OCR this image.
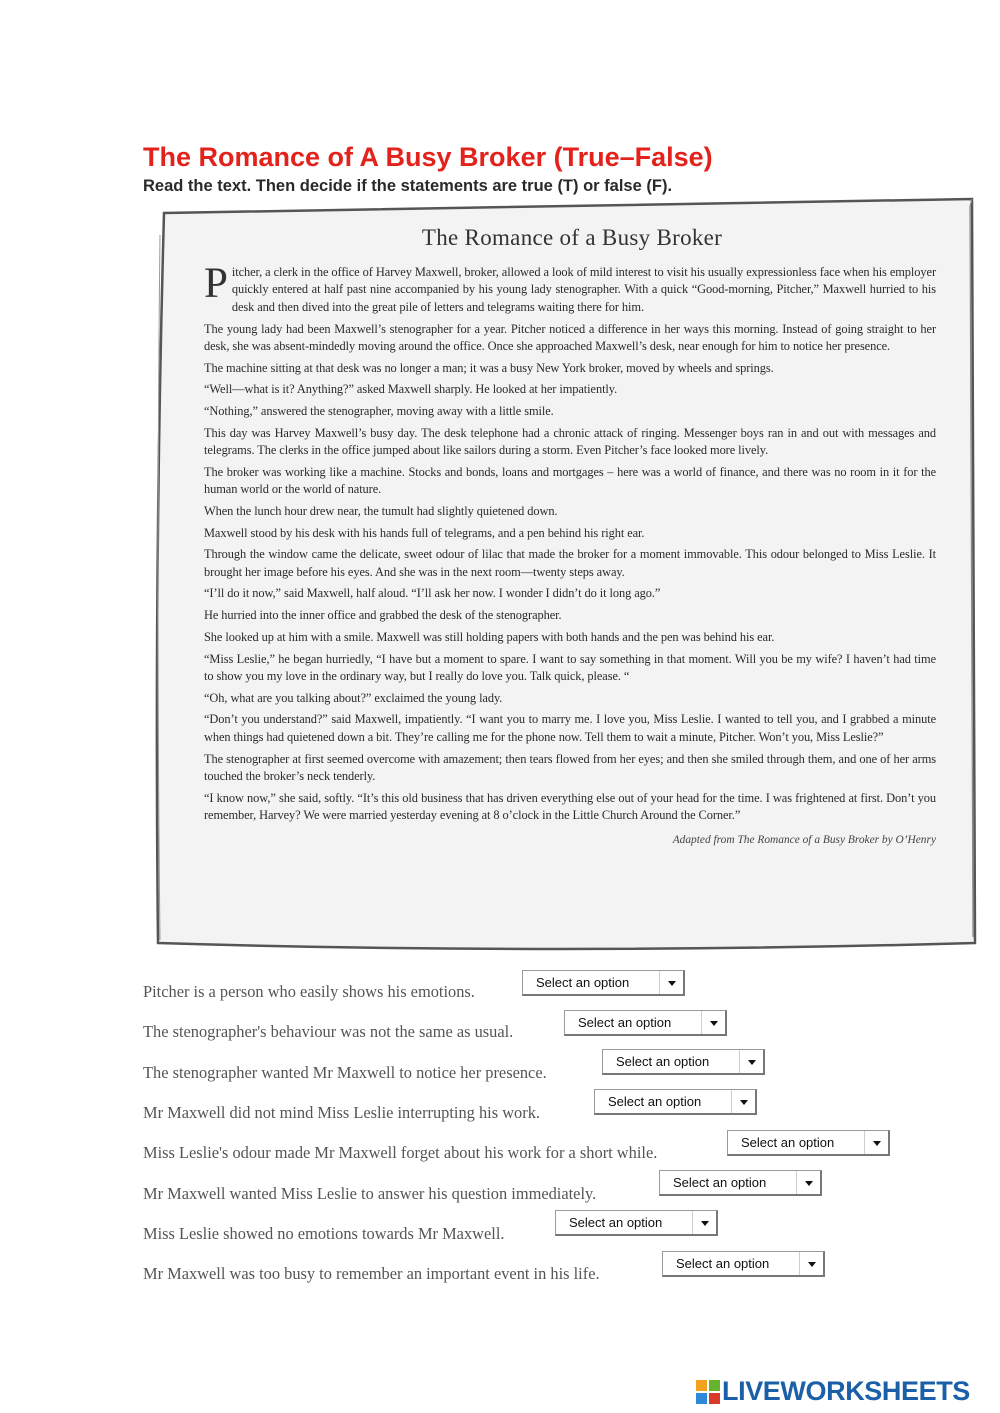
The Romance of A Busy Broker (True–False)
Read the text. Then decide if the statements are true (T) or false (F).
The Romance of a Busy Broker

Pitcher, a clerk in the office of Harvey Maxwell, broker, allowed a look of mild interest to visit his usually expressionless face when his employer quickly entered at half past nine accompanied by his young lady stenographer. With a quick “Good-morning, Pitcher,” Maxwell hurried to his desk and then dived into the great pile of letters and telegrams waiting there for him.

The young lady had been Maxwell’s stenographer for a year. Pitcher noticed a difference in her ways this morning. Instead of going straight to her desk, she was absent-mindedly moving around the office. Once she approached Maxwell’s desk, near enough for him to notice her presence.

The machine sitting at that desk was no longer a man; it was a busy New York broker, moved by wheels and springs.

“Well—what is it? Anything?” asked Maxwell sharply. He looked at her impatiently.

“Nothing,” answered the stenographer, moving away with a little smile.

This day was Harvey Maxwell’s busy day. The desk telephone had a chronic attack of ringing. Messenger boys ran in and out with messages and telegrams. The clerks in the office jumped about like sailors during a storm. Even Pitcher’s face looked more lively.

The broker was working like a machine. Stocks and bonds, loans and mortgages – here was a world of finance, and there was no room in it for the human world or the world of nature.

When the lunch hour drew near, the tumult had slightly quietened down.

Maxwell stood by his desk with his hands full of telegrams, and a pen behind his right ear.

Through the window came the delicate, sweet odour of lilac that made the broker for a moment immovable. This odour belonged to Miss Leslie. It brought her image before his eyes. And she was in the next room—twenty steps away.

“I’ll do it now,” said Maxwell, half aloud. “I’ll ask her now. I wonder I didn’t do it long ago.”

He hurried into the inner office and grabbed the desk of the stenographer.

She looked up at him with a smile. Maxwell was still holding papers with both hands and the pen was behind his ear.

“Miss Leslie,” he began hurriedly, “I have but a moment to spare. I want to say something in that moment. Will you be my wife? I haven’t had time to show you my love in the ordinary way, but I really do love you. Talk quick, please. “

“Oh, what are you talking about?” exclaimed the young lady.

“Don’t you understand?” said Maxwell, impatiently. “I want you to marry me. I love you, Miss Leslie. I wanted to tell you, and I grabbed a minute when things had quietened down a bit. They’re calling me for the phone now. Tell them to wait a minute, Pitcher. Won’t you, Miss Leslie?”

The stenographer at first seemed overcome with amazement; then tears flowed from her eyes; and then she smiled through them, and one of her arms touched the broker’s neck tenderly.

“I know now,” she said, softly. “It’s this old business that has driven everything else out of your head for the time. I was frightened at first. Don’t you remember, Harvey? We were married yesterday evening at 8 o’clock in the Little Church Around the Corner.”

Adapted from The Romance of a Busy Broker by O’Henry
Pitcher is a person who easily shows his emotions.	Select an option
The stenographer's behaviour was not the same as usual.	Select an option
The stenographer wanted Mr Maxwell to notice her presence.
Select an option
Mr Maxwell did not mind Miss Leslie interrupting his work.
Select an option
Miss Leslie's odour made Mr Maxwell forget about his work for a short while.
Select an option
Mr Maxwell wanted Miss Leslie to answer his question immediately.
Select an option
Miss Leslie showed no emotions towards Mr Maxwell.
Select an option
Mr Maxwell was too busy to remember an important event in his life.
Select an option
LIVEWORKSHEETS
